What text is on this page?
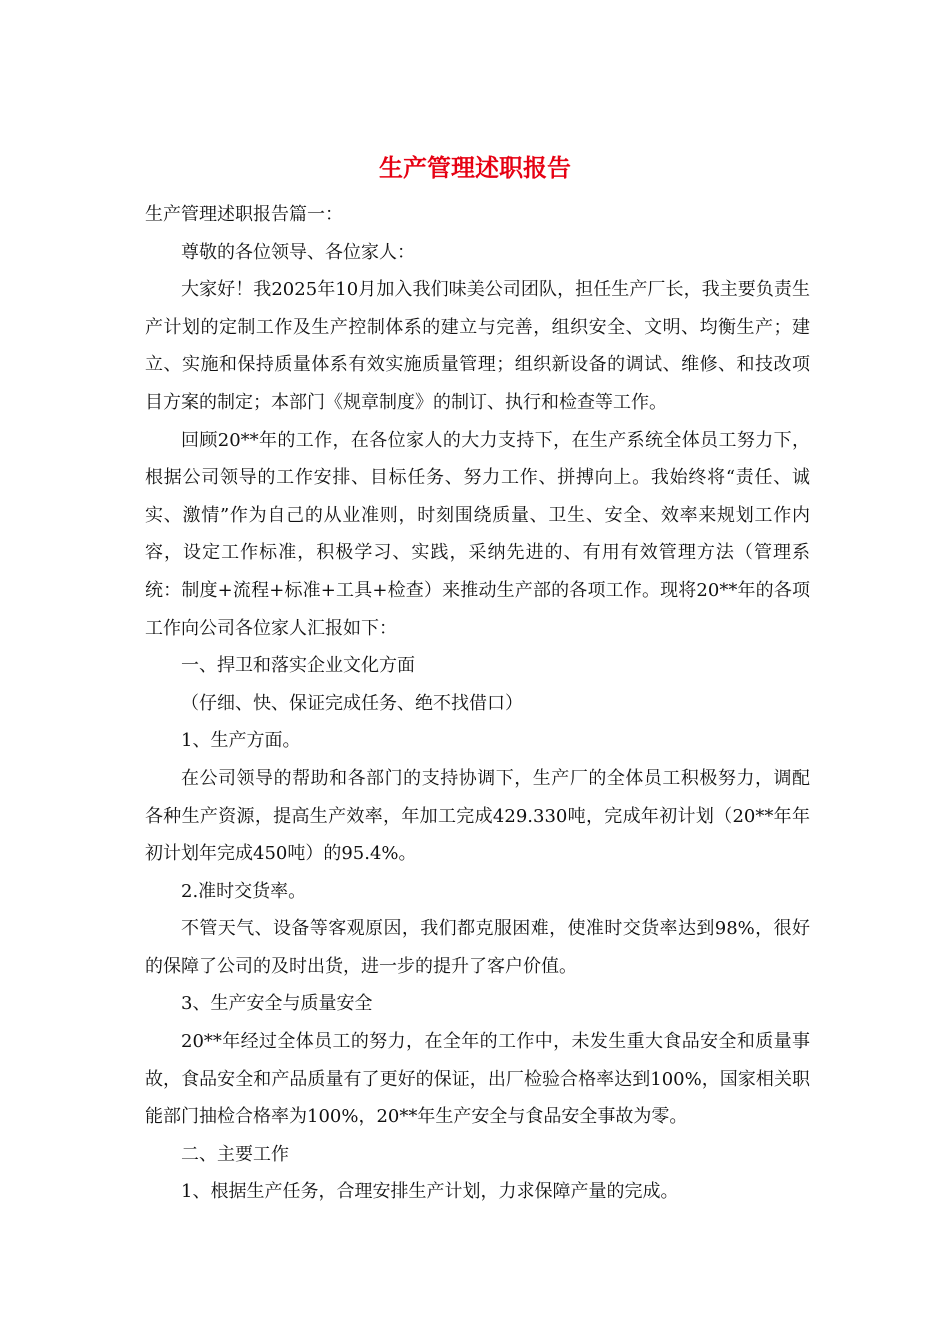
生产管理述职报告

生产管理述职报告篇一：

尊敬的各位领导、各位家人：

大家好！我2025年10月加入我们味美公司团队，担任生产厂长，我主要负责生产计划的定制工作及生产控制体系的建立与完善，组织安全、文明、均衡生产；建立、实施和保持质量体系有效实施质量管理；组织新设备的调试、维修、和技改项目方案的制定；本部门《规章制度》的制订、执行和检查等工作。

回顾20**年的工作，在各位家人的大力支持下，在生产系统全体员工努力下，根据公司领导的工作安排、目标任务、努力工作、拼搏向上。我始终将“责任、诚实、激情”作为自己的从业准则，时刻围绕质量、卫生、安全、效率来规划工作内容，设定工作标准，积极学习、实践，采纳先进的、有用有效管理方法（管理系统：制度+流程+标准+工具+检查）来推动生产部的各项工作。现将20**年的各项工作向公司各位家人汇报如下：

一、捍卫和落实企业文化方面

（仔细、快、保证完成任务、绝不找借口）

1、生产方面。

在公司领导的帮助和各部门的支持协调下，生产厂的全体员工积极努力，调配各种生产资源，提高生产效率，年加工完成429.330吨，完成年初计划（20**年年初计划年完成450吨）的95.4%。

2.准时交货率。

不管天气、设备等客观原因，我们都克服困难，使准时交货率达到98%，很好的保障了公司的及时出货，进一步的提升了客户价值。

3、生产安全与质量安全

20**年经过全体员工的努力，在全年的工作中，未发生重大食品安全和质量事故，食品安全和产品质量有了更好的保证，出厂检验合格率达到100%，国家相关职能部门抽检合格率为100%，20**年生产安全与食品安全事故为零。

二、主要工作

1、根据生产任务，合理安排生产计划，力求保障产量的完成。
